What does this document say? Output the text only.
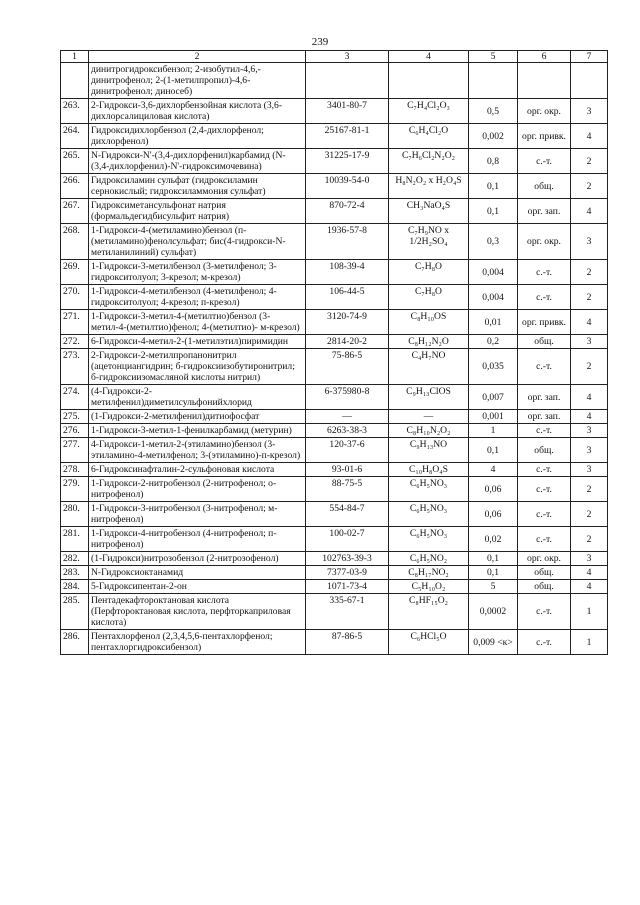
239
1	2	3	4	5	6	7
	динитрогидроксибензол; 2-изобутил-4,6,- динитрофенол; 2-(1-метилпропил)-4,6- динитрофенол; диносеб)					
263.	2-Гидрокси-3,6-дихлорбензойная кислота (3,6-дихлорсалициловая кислота)	3401-80-7	C₇H₄Cl₂O₃	0,5	орг. окр.	3
264.	Гидроксидихлорбензол (2,4-дихлорфенол; дихлорфенол)	25167-81-1	C₆H₄Cl₂O	0,002	орг. привк.	4
265.	N-Гидрокси-N'-(3,4-дихлорфенил)карбамид (N-(3,4-дихлорфенил)-N'-гидроксимочевина)	31225-17-9	C₇H₆Cl₂N₂O₂	0,8	с.-т.	2
266.	Гидроксиламин сульфат (гидроксиламин сернокислый; гидроксиламмония сульфат)	10039-54-0	H₈N₂O₂ x H₂O₄S	0,1	общ.	2
267.	Гидроксиметансульфонат натрия (формальдегидбисульфит натрия)	870-72-4	CH₃NaO₄S	0,1	орг. зап.	4
268.	1-Гидрокси-4-(метиламино)бензол (п-(метиламино)фенолсульфат; бис(4-гидрокси-N-метиланилиний) сульфат)	1936-57-8	C₇H₉NO x 1/2H₂SO₄	0,3	орг. окр.	3
269.	1-Гидрокси-3-метилбензол (3-метилфенол; 3-гидрокситолуол; 3-крезол; м-крезол)	108-39-4	C₇H₈O	0,004	с.-т.	2
270.	1-Гидрокси-4-метилбензол (4-метилфенол; 4-гидрокситолуол; 4-крезол; п-крезол)	106-44-5	C₇H₈O	0,004	с.-т.	2
271.	1-Гидрокси-3-метил-4-(метилтио)бензол (3-метил-4-(метилтио)фенол; 4-(метилтио)- м-крезол)	3120-74-9	C₈H₁₀OS	0,01	орг. привк.	4
272.	6-Гидрокси-4-метил-2-(1-метилэтил)пиримидин	2814-20-2	C₈H₁₂N₂O	0,2	общ.	3
273.	2-Гидрокси-2-метилпропанонитрил (ацетонциангидрин; б-гидроксиизобутиронитрил; б-гидроксиизомасляной кислоты нитрил)	75-86-5	C₄H₇NO	0,035	с.-т.	2
274.	(4-Гидрокси-2-метилфенил)диметилсульфонийхлорид	6-375980-8	C₉H₁₃ClOS	0,007	орг. зап.	4
275.	(1-Гидрокси-2-метилфенил)дитиофосфат	—	—	0,001	орг. зап.	4
276.	1-Гидрокси-3-метил-1-фенилкарбамид (метурин)	6263-38-3	C₈H₁₀N₂O₂	1	с.-т.	3
277.	4-Гидрокси-1-метил-2-(этиламино)бензол (3-этиламино-4-метилфенол; 3-(этиламино)-п-крезол)	120-37-6	C₉H₁₃NO	0,1	общ.	3
278.	6-Гидроксинафталин-2-сульфоновая кислота	93-01-6	C₁₀H₈O₄S	4	с.-т.	3
279.	1-Гидрокси-2-нитробензол (2-нитрофенол; о-нитрофенол)	88-75-5	C₆H₅NO₃	0,06	с.-т.	2
280.	1-Гидрокси-3-нитробензол (3-нитрофенол; м-нитрофенол)	554-84-7	C₆H₅NO₃	0,06	с.-т.	2
281.	1-Гидрокси-4-нитробензол (4-нитрофенол; п-нитрофенол)	100-02-7	C₆H₅NO₃	0,02	с.-т.	2
282.	(1-Гидрокси)нитрозобензол (2-нитрозофенол)	102763-39-3	C₆H₅NO₂	0,1	орг. окр.	3
283.	N-Гидроксиоктанамид	7377-03-9	C₈H₁₇NO₂	0,1	общ.	4
284.	5-Гидроксипентан-2-он	1071-73-4	C₅H₁₀O₂	5	общ.	4
285.	Пентадекафтороктановая кислота (Перфтороктановая кислота, перфторкаприловая кислота)	335-67-1	C₈HF₁₅O₂	0,0002	с.-т.	1
286.	Пентахлорфенол (2,3,4,5,6-пентахлорфенол; пентахлоргидроксибензол)	87-86-5	C₆HCl₅O	0,009 <к>	с.-т.	1
